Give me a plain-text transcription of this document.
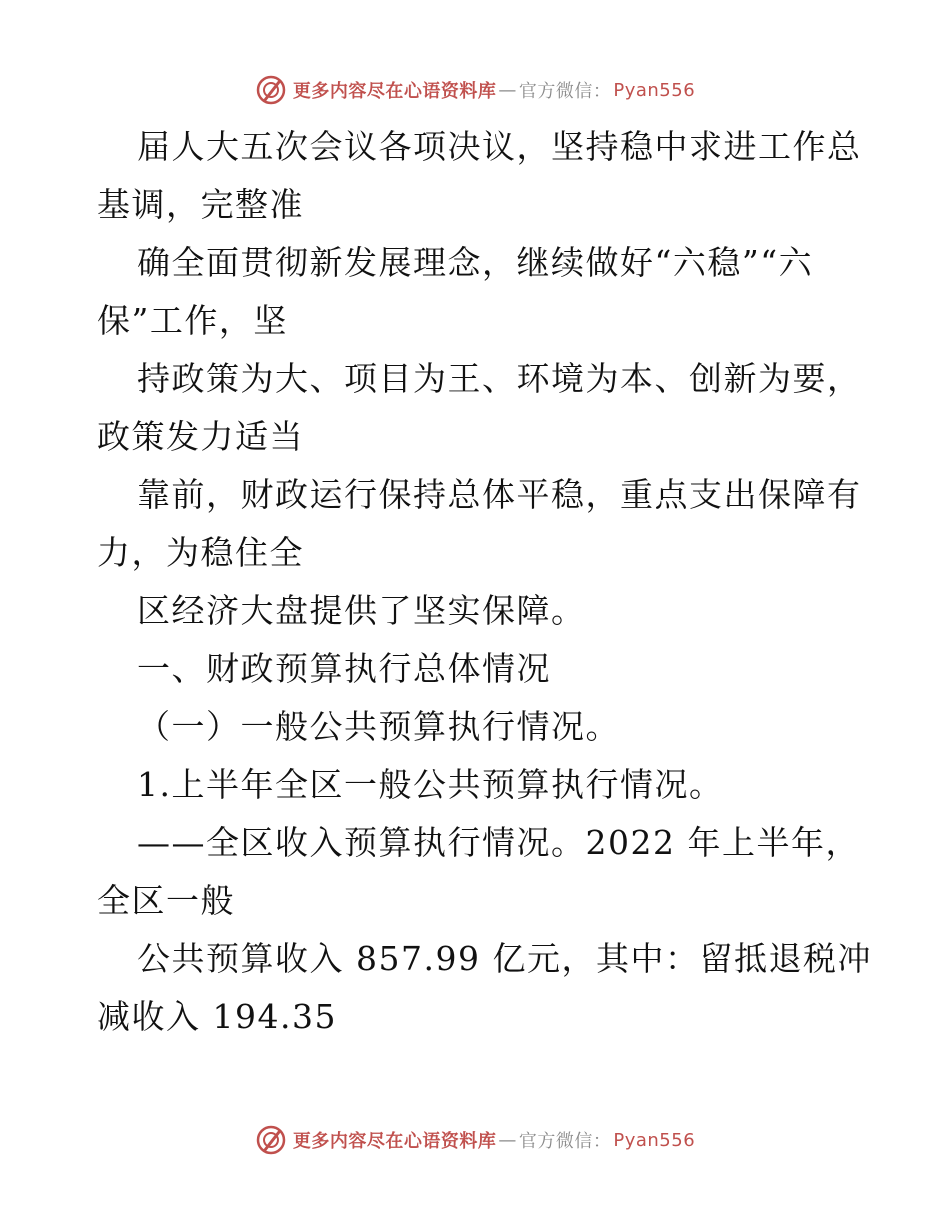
更多内容尽在心语资料库 — 官方微信： Pyan556
届人大五次会议各项决议，坚持稳中求进工作总
基调，完整准
确全面贯彻新发展理念，继续做好“六稳”“六
保”工作，坚
持政策为大、项目为王、环境为本、创新为要，
政策发力适当
靠前，财政运行保持总体平稳，重点支出保障有
力，为稳住全
区经济大盘提供了坚实保障。
一、财政预算执行总体情况
（一）一般公共预算执行情况。
1.上半年全区一般公共预算执行情况。
——全区收入预算执行情况。2022 年上半年，
全区一般
公共预算收入 857.99 亿元，其中：留抵退税冲
减收入 194.35
更多内容尽在心语资料库 — 官方微信： Pyan556
